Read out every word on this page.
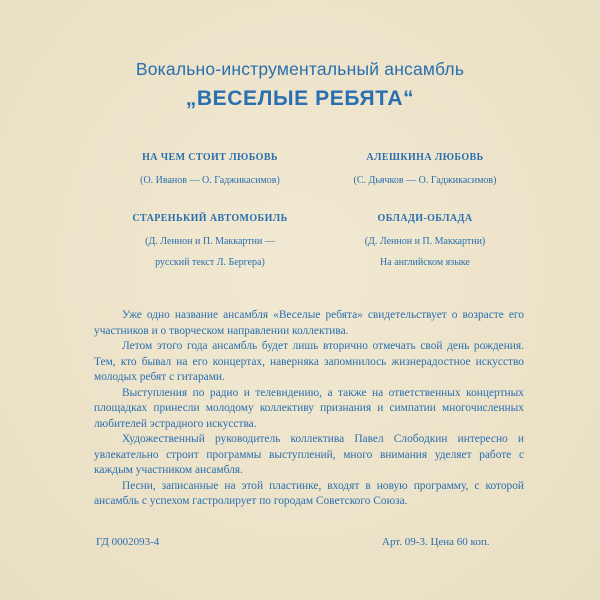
Вокально-инструментальный ансамбль
„ВЕСЕЛЫЕ РЕБЯТА“
НА ЧЕМ СТОИТ ЛЮБОВЬ
(О. Иванов — О. Гаджикасимов)
АЛЕШКИНА ЛЮБОВЬ
(С. Дьячков — О. Гаджикасимов)
СТАРЕНЬКИЙ АВТОМОБИЛЬ
(Д. Леннон и П. Маккартни —
русский текст Л. Бергера)
ОБЛАДИ-ОБЛАДА
(Д. Леннон и П. Маккартни)
На английском языке

Уже одно название ансамбля «Веселые ребята» свидетельствует о возрасте его участников и о творческом направлении коллектива.

Летом этого года ансамбль будет лишь вторично отмечать свой день рождения. Тем, кто бывал на его концертах, наверняка запомнилось жизнерадостное искусство молодых ребят с гитарами.

Выступления по радио и телевидению, а также на ответственных концертных площадках принесли молодому коллективу признания и симпатии многочисленных любителей эстрадного искусства.

Художественный руководитель коллектива Павел Слободкин интересно и увлекательно строит программы выступлений, много внимания уделяет работе с каждым участником ансамбля.

Песни, записанные на этой пластинке, входят в новую программу, с которой ансамбль с успехом гастролирует по городам Советского Союза.

ГД 0002093-4	Арт. 09-3. Цена 60 коп.
